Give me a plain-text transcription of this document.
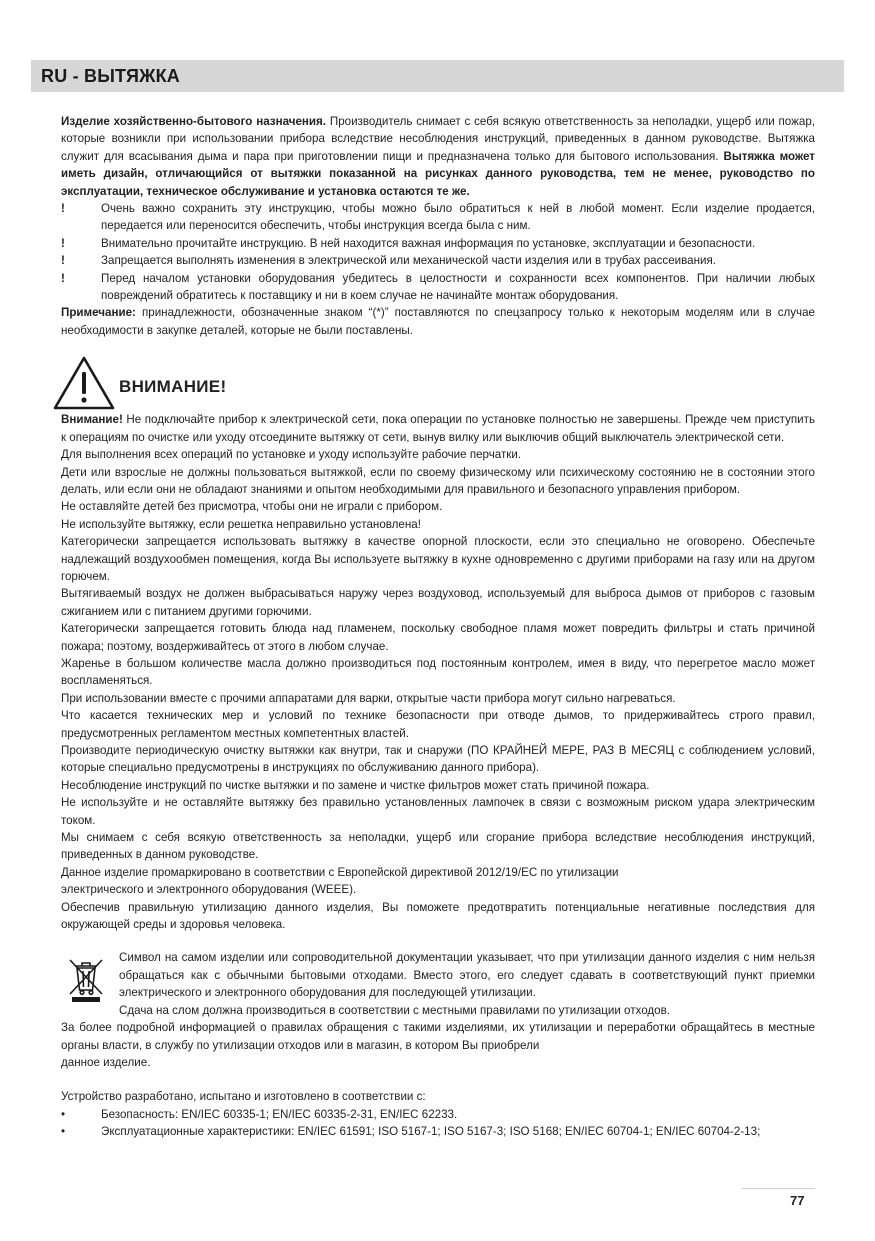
RU - ВЫТЯЖКА

Изделие хозяйственно-бытового назначения. Производитель снимает с себя всякую ответственность за неполадки, ущерб или пожар, которые возникли при использовании прибора вследствие несоблюдения инструкций, приведенных в данном руководстве. Вытяжка служит для всасывания дыма и пара при приготовлении пищи и предназначена только для бытового использования. Вытяжка может иметь дизайн, отличающийся от вытяжки показанной на рисунках данного руководства, тем не менее, руководство по эксплуатации, техническое обслуживание и установка остаются те же.

!	Очень важно сохранить эту инструкцию, чтобы можно было обратиться к ней в любой момент. Если изделие продается, передается или переносится обеспечить, чтобы инструкция всегда была с ним.
!	Внимательно прочитайте инструкцию. В ней находится важная информация по установке, эксплуатации и безопасности.
!	Запрещается выполнять изменения в электрической или механической части изделия или в трубах рассеивания.
!	Перед началом установки оборудования убедитесь в целостности и сохранности всех компонентов. При наличии любых повреждений обратитесь к поставщику и ни в коем случае не начинайте монтаж оборудования.

Примечание: принадлежности, обозначенные знаком “(*)” поставляются по спецзапросу только к некоторым моделям или в случае необходимости в закупке деталей, которые не были поставлены.

ВНИМАНИЕ!

Внимание! Не подключайте прибор к электрической сети, пока операции по установке полностью не завершены. Прежде чем приступить к операциям по очистке или уходу отсоедините вытяжку от сети, вынув вилку или выключив общий выключатель электрической сети.

Для выполнения всех операций по установке и уходу используйте рабочие перчатки.

Дети или взрослые не должны пользоваться вытяжкой, если по своему физическому или психическому состоянию не в состоянии этого делать, или если они не обладают знаниями и опытом необходимыми для правильного и безопасного управления прибором.

Не оставляйте детей без присмотра, чтобы они не играли с прибором.

Не используйте вытяжку, если решетка неправильно установлена!

Категорически запрещается использовать вытяжку в качестве опорной плоскости, если это специально не оговорено. Обеспечьте надлежащий воздухообмен помещения, когда Вы используете вытяжку в кухне одновременно с другими приборами на газу или на другом горючем.

Вытягиваемый воздух не должен выбрасываться наружу через воздуховод, используемый для выброса дымов от приборов с газовым сжиганием или с питанием другими горючими.

Категорически запрещается готовить блюда над пламенем, поскольку свободное пламя может повредить фильтры и стать причиной пожара; поэтому, воздерживайтесь от этого в любом случае.

Жаренье в большом количестве масла должно производиться под постоянным контролем, имея в виду, что перегретое масло может воспламеняться.

При использовании вместе с прочими аппаратами для варки, открытые части прибора могут сильно нагреваться.

Что касается технических мер и условий по технике безопасности при отводе дымов, то придерживайтесь строго правил, предусмотренных регламентом местных компетентных властей.

Производите периодическую очистку вытяжки как внутри, так и снаружи (ПО КРАЙНЕЙ МЕРЕ, РАЗ В МЕСЯЦ с соблюдением условий, которые специально предусмотрены в инструкциях по обслуживанию данного прибора).

Несоблюдение инструкций по чистке вытяжки и по замене и чистке фильтров может стать причиной пожара.

Не используйте и не оставляйте вытяжку без правильно установленных лампочек в связи с возможным риском удара электрическим током.

Мы снимаем с себя всякую ответственность за неполадки, ущерб или сгорание прибора вследствие несоблюдения инструкций, приведенных в данном руководстве.

Данное изделие промаркировано в соответствии с Европейской директивой 2012/19/EC по утилизации

электрического и электронного оборудования (WEEE).

Обеспечив правильную утилизацию данного изделия, Вы поможете предотвратить потенциальные негативные последствия для окружающей среды и здоровья человека.

Символ на самом изделии или сопроводительной документации указывает, что при утилизации данного изделия с ним нельзя обращаться как с обычными бытовыми отходами. Вместо этого, его следует сдавать в соответствующий пункт приемки электрического и электронного оборудования для последующей утилизации.

Сдача на слом должна производиться в соответствии с местными правилами по утилизации отходов.

За более подробной информацией о правилах обращения с такими изделиями, их утилизации и переработки обращайтесь в местные органы власти, в службу по утилизации отходов или в магазин, в котором Вы приобрели

данное изделие.

Устройство разработано, испытано и изготовлено в соответствии с:

•	Безопасность: EN/IEC 60335-1; EN/IEC 60335-2-31, EN/IEC 62233.
•	Эксплуатационные характеристики: EN/IEC 61591; ISO 5167-1; ISO 5167-3; ISO 5168; EN/IEC 60704-1; EN/IEC 60704-2-13;
77
